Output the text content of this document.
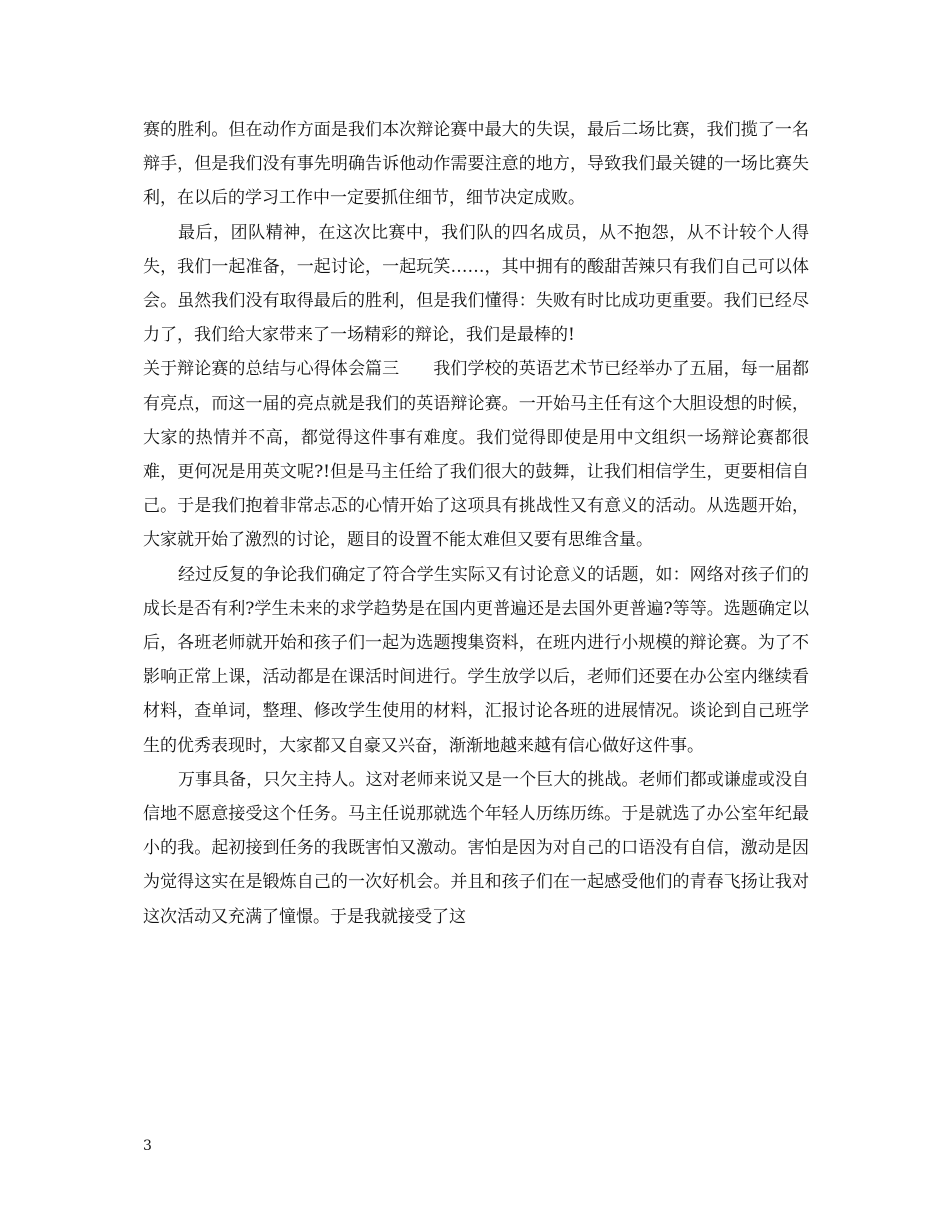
赛的胜利。但在动作方面是我们本次辩论赛中最大的失误，最后二场比赛，我们揽了一名辩手，但是我们没有事先明确告诉他动作需要注意的地方，导致我们最关键的一场比赛失利，在以后的学习工作中一定要抓住细节，细节决定成败。

最后，团队精神，在这次比赛中，我们队的四名成员，从不抱怨，从不计较个人得失，我们一起准备，一起讨论，一起玩笑……，其中拥有的酸甜苦辣只有我们自己可以体会。虽然我们没有取得最后的胜利，但是我们懂得：失败有时比成功更重要。我们已经尽力了，我们给大家带来了一场精彩的辩论，我们是最棒的!

关于辩论赛的总结与心得体会篇三　　我们学校的英语艺术节已经举办了五届，每一届都有亮点，而这一届的亮点就是我们的英语辩论赛。一开始马主任有这个大胆设想的时候，大家的热情并不高，都觉得这件事有难度。我们觉得即使是用中文组织一场辩论赛都很难，更何况是用英文呢?!但是马主任给了我们很大的鼓舞，让我们相信学生，更要相信自己。于是我们抱着非常忐忑的心情开始了这项具有挑战性又有意义的活动。从选题开始，大家就开始了激烈的讨论，题目的设置不能太难但又要有思维含量。

经过反复的争论我们确定了符合学生实际又有讨论意义的话题，如：网络对孩子们的成长是否有利?学生未来的求学趋势是在国内更普遍还是去国外更普遍?等等。选题确定以后，各班老师就开始和孩子们一起为选题搜集资料，在班内进行小规模的辩论赛。为了不影响正常上课，活动都是在课活时间进行。学生放学以后，老师们还要在办公室内继续看材料，查单词，整理、修改学生使用的材料，汇报讨论各班的进展情况。谈论到自己班学生的优秀表现时，大家都又自豪又兴奋，渐渐地越来越有信心做好这件事。

万事具备，只欠主持人。这对老师来说又是一个巨大的挑战。老师们都或谦虚或没自信地不愿意接受这个任务。马主任说那就选个年轻人历练历练。于是就选了办公室年纪最小的我。起初接到任务的我既害怕又激动。害怕是因为对自己的口语没有自信，激动是因为觉得这实在是锻炼自己的一次好机会。并且和孩子们在一起感受他们的青春飞扬让我对这次活动又充满了憧憬。于是我就接受了这

3
